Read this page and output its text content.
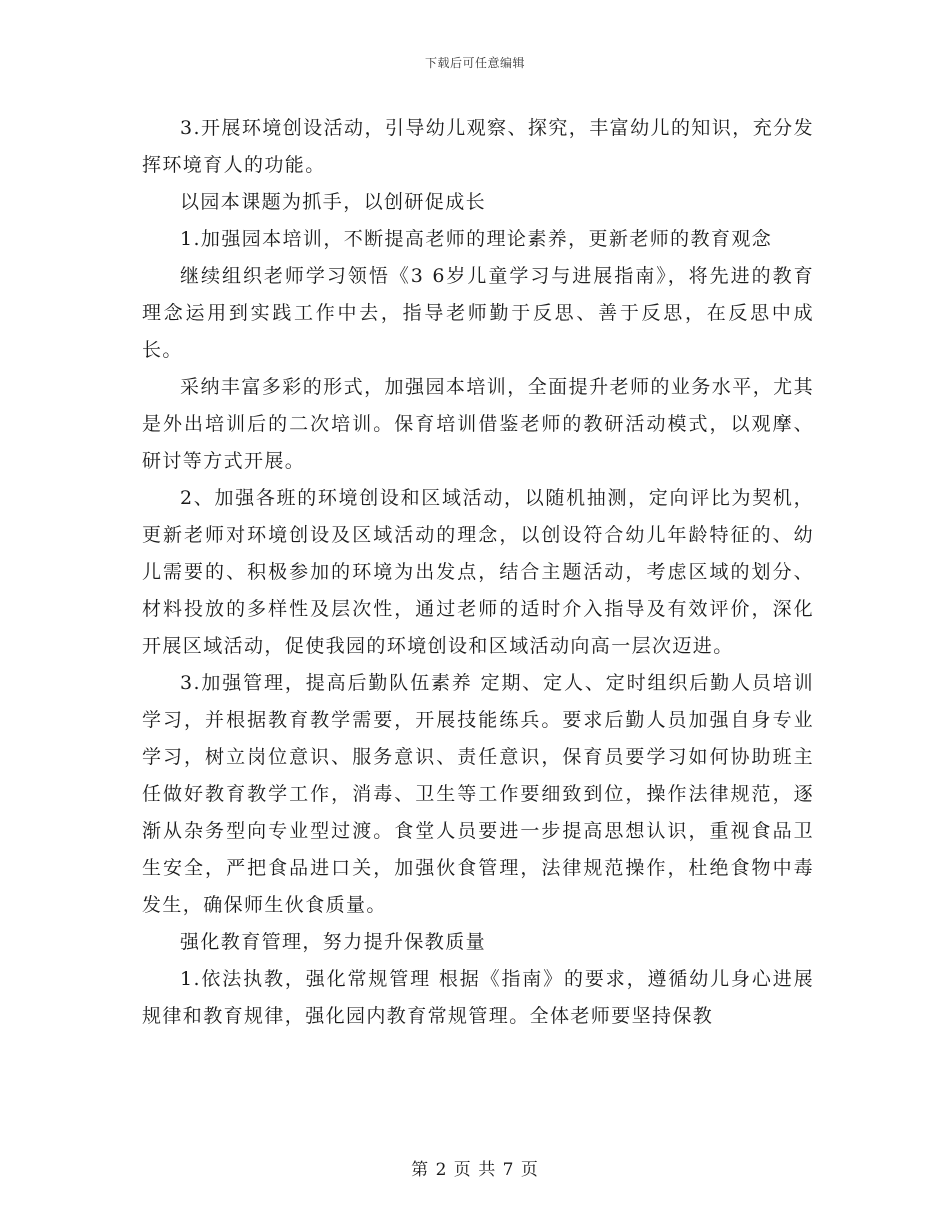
下载后可任意编辑

3.开展环境创设活动，引导幼儿观察、探究，丰富幼儿的知识，充分发挥环境育人的功能。

以园本课题为抓手，以创研促成长

1.加强园本培训，不断提高老师的理论素养，更新老师的教育观念

继续组织老师学习领悟《3 6岁儿童学习与进展指南》，将先进的教育理念运用到实践工作中去，指导老师勤于反思、善于反思，在反思中成长。

采纳丰富多彩的形式，加强园本培训，全面提升老师的业务水平，尤其是外出培训后的二次培训。保育培训借鉴老师的教研活动模式，以观摩、研讨等方式开展。

2、加强各班的环境创设和区域活动，以随机抽测，定向评比为契机，更新老师对环境创设及区域活动的理念，以创设符合幼儿年龄特征的、幼儿需要的、积极参加的环境为出发点，结合主题活动，考虑区域的划分、材料投放的多样性及层次性，通过老师的适时介入指导及有效评价，深化开展区域活动，促使我园的环境创设和区域活动向高一层次迈进。

3.加强管理，提高后勤队伍素养 定期、定人、定时组织后勤人员培训学习，并根据教育教学需要，开展技能练兵。要求后勤人员加强自身专业学习，树立岗位意识、服务意识、责任意识，保育员要学习如何协助班主任做好教育教学工作，消毒、卫生等工作要细致到位，操作法律规范，逐渐从杂务型向专业型过渡。食堂人员要进一步提高思想认识，重视食品卫生安全，严把食品进口关，加强伙食管理，法律规范操作，杜绝食物中毒发生，确保师生伙食质量。

强化教育管理，努力提升保教质量

1.依法执教，强化常规管理 根据《指南》的要求，遵循幼儿身心进展规律和教育规律，强化园内教育常规管理。全体老师要坚持保教

第 2 页 共 7 页
